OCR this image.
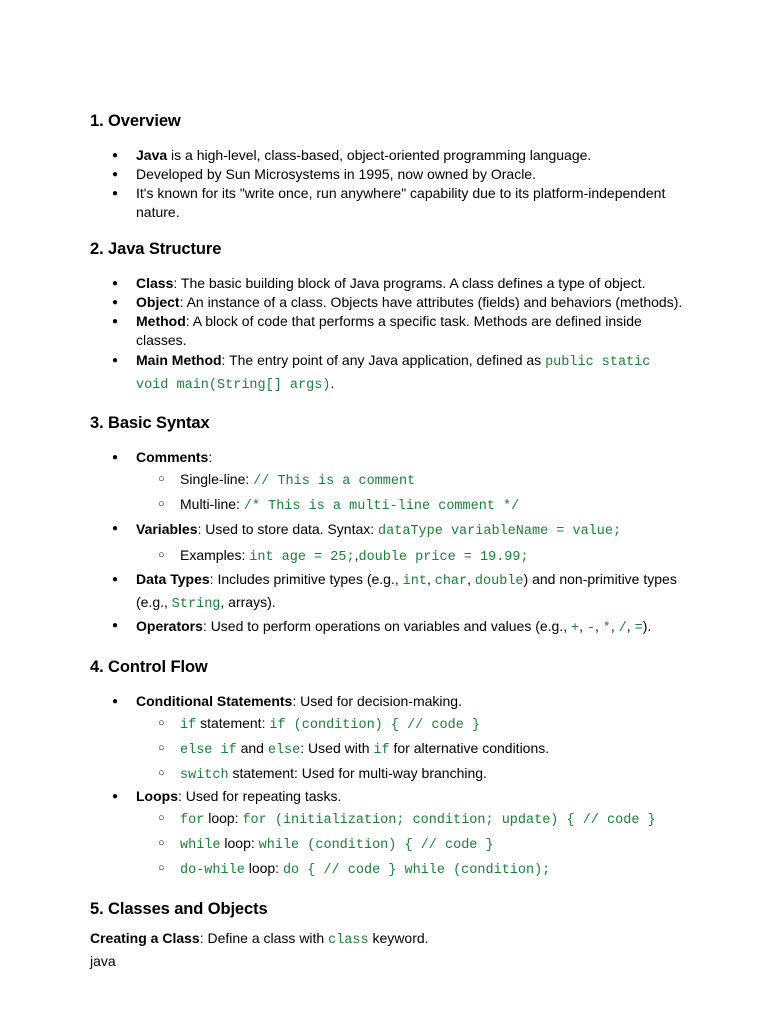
1. Overview
● Java is a high-level, class-based, object-oriented programming language.
● Developed by Sun Microsystems in 1995, now owned by Oracle.
● It's known for its "write once, run anywhere" capability due to its platform-independent nature.
2. Java Structure
● Class: The basic building block of Java programs. A class defines a type of object.
● Object: An instance of a class. Objects have attributes (fields) and behaviors (methods).
● Method: A block of code that performs a specific task. Methods are defined inside classes.
● Main Method: The entry point of any Java application, defined as public static void main(String[] args).
3. Basic Syntax
● Comments:
○ Single-line: // This is a comment
○ Multi-line: /* This is a multi-line comment */
● Variables: Used to store data. Syntax: dataType variableName = value;
○ Examples: int age = 25;,double price = 19.99;
● Data Types: Includes primitive types (e.g., int, char, double) and non-primitive types (e.g., String, arrays).
● Operators: Used to perform operations on variables and values (e.g., +, -, *, /, =).
4. Control Flow
● Conditional Statements: Used for decision-making.
○ if statement: if (condition) { // code }
○ else if and else: Used with if for alternative conditions.
○ switch statement: Used for multi-way branching.
● Loops: Used for repeating tasks.
○ for loop: for (initialization; condition; update) { // code }
○ while loop: while (condition) { // code }
○ do-while loop: do { // code } while (condition);
5. Classes and Objects

Creating a Class: Define a class with class keyword.

java
